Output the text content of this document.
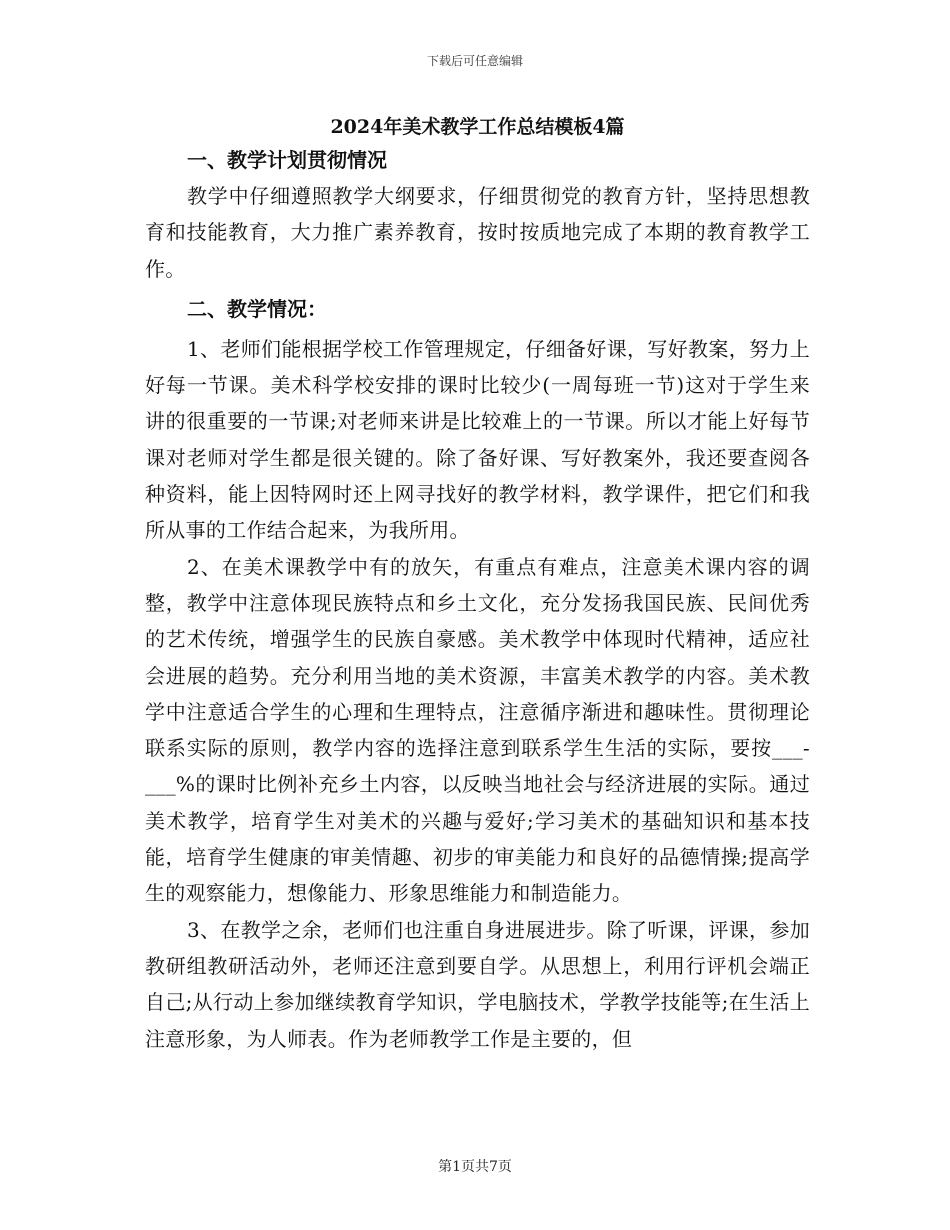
下载后可任意编辑
2024年美术教学工作总结模板4篇
一、教学计划贯彻情况

教学中仔细遵照教学大纲要求，仔细贯彻党的教育方针，坚持思想教育和技能教育，大力推广素养教育，按时按质地完成了本期的教育教学工作。

二、教学情况：

1、老师们能根据学校工作管理规定，仔细备好课，写好教案，努力上好每一节课。美术科学校安排的课时比较少(一周每班一节)这对于学生来讲的很重要的一节课;对老师来讲是比较难上的一节课。所以才能上好每节课对老师对学生都是很关键的。除了备好课、写好教案外，我还要查阅各种资料，能上因特网时还上网寻找好的教学材料，教学课件，把它们和我所从事的工作结合起来，为我所用。

2、在美术课教学中有的放矢，有重点有难点，注意美术课内容的调整，教学中注意体现民族特点和乡土文化，充分发扬我国民族、民间优秀的艺术传统，增强学生的民族自豪感。美术教学中体现时代精神，适应社会进展的趋势。充分利用当地的美术资源，丰富美术教学的内容。美术教学中注意适合学生的心理和生理特点，注意循序渐进和趣味性。贯彻理论联系实际的原则，教学内容的选择注意到联系学生生活的实际，要按___-___%的课时比例补充乡土内容，以反映当地社会与经济进展的实际。通过美术教学，培育学生对美术的兴趣与爱好;学习美术的基础知识和基本技能，培育学生健康的审美情趣、初步的审美能力和良好的品德情操;提高学生的观察能力，想像能力、形象思维能力和制造能力。

3、在教学之余，老师们也注重自身进展进步。除了听课，评课，参加教研组教研活动外，老师还注意到要自学。从思想上，利用行评机会端正自己;从行动上参加继续教育学知识，学电脑技术，学教学技能等;在生活上注意形象，为人师表。作为老师教学工作是主要的，但

第1页共7页
